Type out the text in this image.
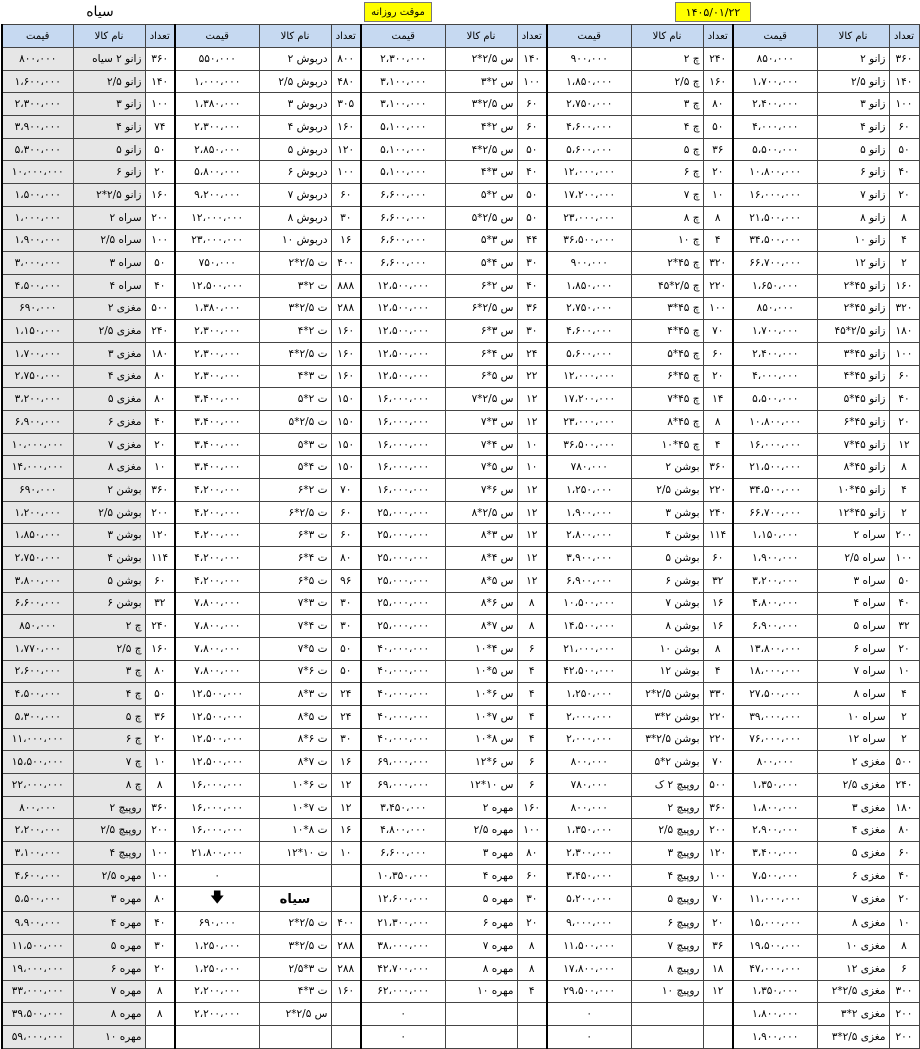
۱۴۰۵/۰۱/۲۲
موقت روزانه
سیاه
تعداد	نام کالا	قیمت	تعداد	نام کالا	قیمت	تعداد	نام کالا	قیمت	تعداد	نام کالا	قیمت	تعداد	نام کالا	قیمت
۳۶۰	زانو ۲	۸۵۰،۰۰۰	۲۴۰	چ ۲	۹۰۰،۰۰۰	۱۴۰	س ۲/۵*۲	۲،۳۰۰،۰۰۰	۸۰۰	دربوش ۲	۵۵۰،۰۰۰	۳۶۰	زانو ۲ سیاه	۸۰۰،۰۰۰
۱۴۰	زانو ۲/۵	۱،۷۰۰،۰۰۰	۱۶۰	چ ۲/۵	۱،۸۵۰،۰۰۰	۱۰۰	س ۲*۳	۳،۱۰۰،۰۰۰	۴۸۰	دربوش ۲/۵	۱،۰۰۰،۰۰۰	۱۴۰	زانو ۲/۵	۱،۶۰۰،۰۰۰
۱۰۰	زانو ۳	۲،۴۰۰،۰۰۰	۸۰	چ ۳	۲،۷۵۰،۰۰۰	۶۰	س ۲/۵*۳	۳،۱۰۰،۰۰۰	۳۰۵	دربوش ۳	۱،۳۸۰،۰۰۰	۱۰۰	زانو ۳	۲،۳۰۰،۰۰۰
۶۰	زانو ۴	۴،۰۰۰،۰۰۰	۵۰	چ ۴	۴،۶۰۰،۰۰۰	۶۰	س ۲*۴	۵،۱۰۰،۰۰۰	۱۶۰	دربوش ۴	۲،۳۰۰،۰۰۰	۷۴	زانو ۴	۳،۹۰۰،۰۰۰
۵۰	زانو ۵	۵،۵۰۰،۰۰۰	۳۶	چ ۵	۵،۶۰۰،۰۰۰	۵۰	س ۲/۵*۴	۵،۱۰۰،۰۰۰	۱۲۰	دربوش ۵	۲،۸۵۰،۰۰۰	۵۰	زانو ۵	۵،۳۰۰،۰۰۰
۴۰	زانو ۶	۱۰،۸۰۰،۰۰۰	۲۰	چ ۶	۱۲،۰۰۰،۰۰۰	۴۰	س ۳*۴	۵،۱۰۰،۰۰۰	۱۰۰	دربوش ۶	۵،۸۰۰،۰۰۰	۲۰	زانو ۶	۱۰،۰۰۰،۰۰۰
۲۰	زانو ۷	۱۶،۰۰۰،۰۰۰	۱۰	چ ۷	۱۷،۲۰۰،۰۰۰	۵۰	س ۲*۵	۶،۶۰۰،۰۰۰	۶۰	دربوش ۷	۹،۲۰۰،۰۰۰	۱۶۰	زانو ۲/۵*۲	۱،۵۰۰،۰۰۰
۸	زانو ۸	۲۱،۵۰۰،۰۰۰	۸	چ ۸	۲۳،۰۰۰،۰۰۰	۵۰	س ۲/۵*۵	۶،۶۰۰،۰۰۰	۳۰	دربوش ۸	۱۲،۰۰۰،۰۰۰	۲۰۰	سراه ۲	۱،۰۰۰،۰۰۰
۴	زانو ۱۰	۳۴،۵۰۰،۰۰۰	۴	چ ۱۰	۳۶،۵۰۰،۰۰۰	۴۴	س ۳*۵	۶،۶۰۰،۰۰۰	۱۶	دربوش ۱۰	۲۳،۰۰۰،۰۰۰	۱۰۰	سراه ۲/۵	۱،۹۰۰،۰۰۰
۲	زانو ۱۲	۶۶،۷۰۰،۰۰۰	۳۲۰	چ ۴۵*۲	۹۰۰،۰۰۰	۳۰	س ۴*۵	۶،۶۰۰،۰۰۰	۴۰۰	ت ۲/۵*۲	۷۵۰،۰۰۰	۵۰	سراه ۳	۳،۰۰۰،۰۰۰
۱۶۰	زانو ۴۵*۲	۱،۶۵۰،۰۰۰	۲۲۰	چ ۲/۵*۴۵	۱،۸۵۰،۰۰۰	۴۰	س ۲*۶	۱۲،۵۰۰،۰۰۰	۸۸۸	ت ۲*۳	۱۲،۵۰۰،۰۰۰	۴۰	سراه ۴	۴،۵۰۰،۰۰۰
۳۲۰	زانو ۴۵*۲	۸۵۰،۰۰۰	۱۰۰	چ ۴۵*۳	۲،۷۵۰،۰۰۰	۳۶	س ۲/۵*۶	۱۲،۵۰۰،۰۰۰	۲۸۸	ت ۲/۵*۳	۱،۳۸۰،۰۰۰	۵۰۰	مغزی ۲	۶۹۰،۰۰۰
۱۸۰	زانو ۲/۵*۴۵	۱،۷۰۰،۰۰۰	۷۰	چ ۴۵*۴	۴،۶۰۰،۰۰۰	۳۰	س ۳*۶	۱۲،۵۰۰،۰۰۰	۱۶۰	ت ۲*۴	۲،۳۰۰،۰۰۰	۲۴۰	مغزی ۲/۵	۱،۱۵۰،۰۰۰
۱۰۰	زانو ۴۵*۳	۲،۴۰۰،۰۰۰	۶۰	چ ۴۵*۵	۵،۶۰۰،۰۰۰	۲۴	س ۴*۶	۱۲،۵۰۰،۰۰۰	۱۶۰	ت ۲/۵*۴	۲،۳۰۰،۰۰۰	۱۸۰	مغزی ۳	۱،۷۰۰،۰۰۰
۶۰	زانو ۴۵*۴	۴،۰۰۰،۰۰۰	۲۰	چ ۴۵*۶	۱۲،۰۰۰،۰۰۰	۲۲	س ۵*۶	۱۲،۵۰۰،۰۰۰	۱۶۰	ت ۳*۴	۲،۳۰۰،۰۰۰	۸۰	مغزی ۴	۲،۷۵۰،۰۰۰
۴۰	زانو ۴۵*۵	۵،۵۰۰،۰۰۰	۱۴	چ ۴۵*۷	۱۷،۲۰۰،۰۰۰	۱۲	س ۲/۵*۷	۱۶،۰۰۰،۰۰۰	۱۵۰	ت ۲*۵	۳،۴۰۰،۰۰۰	۸۰	مغزی ۵	۳،۲۰۰،۰۰۰
۲۰	زانو ۴۵*۶	۱۰،۸۰۰،۰۰۰	۸	چ ۴۵*۸	۲۳،۰۰۰،۰۰۰	۱۲	س ۳*۷	۱۶،۰۰۰،۰۰۰	۱۵۰	ت ۲/۵*۵	۳،۴۰۰،۰۰۰	۴۰	مغزی ۶	۶،۹۰۰،۰۰۰
۱۲	زانو ۴۵*۷	۱۶،۰۰۰،۰۰۰	۴	چ ۴۵*۱۰	۳۶،۵۰۰،۰۰۰	۱۰	س ۴*۷	۱۶،۰۰۰،۰۰۰	۱۵۰	ت ۳*۵	۳،۴۰۰،۰۰۰	۲۰	مغزی ۷	۱۰،۰۰۰،۰۰۰
۸	زانو ۴۵*۸	۲۱،۵۰۰،۰۰۰	۳۶۰	بوشن ۲	۷۸۰،۰۰۰	۱۰	س ۵*۷	۱۶،۰۰۰،۰۰۰	۱۵۰	ت ۴*۵	۳،۴۰۰،۰۰۰	۱۰	مغزی ۸	۱۴،۰۰۰،۰۰۰
۴	زانو ۴۵*۱۰	۳۴،۵۰۰،۰۰۰	۲۲۰	بوشن ۲/۵	۱،۲۵۰،۰۰۰	۱۲	س ۶*۷	۱۶،۰۰۰،۰۰۰	۷۰	ت ۲*۶	۴،۲۰۰،۰۰۰	۳۶۰	بوشن ۲	۶۹۰،۰۰۰
۲	زانو ۴۵*۱۲	۶۶،۷۰۰،۰۰۰	۲۴۰	بوشن ۳	۱،۹۰۰،۰۰۰	۱۲	س ۲/۵*۸	۲۵،۰۰۰،۰۰۰	۶۰	ت ۲/۵*۶	۴،۲۰۰،۰۰۰	۲۰۰	بوشن ۲/۵	۱،۲۰۰،۰۰۰
۲۰۰	سراه ۲	۱،۱۵۰،۰۰۰	۱۱۴	بوشن ۴	۲،۸۰۰،۰۰۰	۱۲	س ۳*۸	۲۵،۰۰۰،۰۰۰	۶۰	ت ۳*۶	۴،۲۰۰،۰۰۰	۱۲۰	بوشن ۳	۱،۸۵۰،۰۰۰
۱۰۰	سراه ۲/۵	۱،۹۰۰،۰۰۰	۶۰	بوشن ۵	۳،۹۰۰،۰۰۰	۱۲	س ۴*۸	۲۵،۰۰۰،۰۰۰	۸۰	ت ۴*۶	۴،۲۰۰،۰۰۰	۱۱۴	بوشن ۴	۲،۷۵۰،۰۰۰
۵۰	سراه ۳	۳،۲۰۰،۰۰۰	۳۲	بوشن ۶	۶،۹۰۰،۰۰۰	۱۲	س ۵*۸	۲۵،۰۰۰،۰۰۰	۹۶	ت ۵*۶	۴،۲۰۰،۰۰۰	۶۰	بوشن ۵	۳،۸۰۰،۰۰۰
۴۰	سراه ۴	۴،۸۰۰،۰۰۰	۱۶	بوشن ۷	۱۰،۵۰۰،۰۰۰	۸	س ۶*۸	۲۵،۰۰۰،۰۰۰	۳۰	ت ۳*۷	۷،۸۰۰،۰۰۰	۳۲	بوشن ۶	۶،۶۰۰،۰۰۰
۳۲	سراه ۵	۶،۹۰۰،۰۰۰	۱۶	بوشن ۸	۱۴،۵۰۰،۰۰۰	۸	س ۷*۸	۲۵،۰۰۰،۰۰۰	۳۰	ت ۴*۷	۷،۸۰۰،۰۰۰	۲۴۰	چ ۲	۸۵۰،۰۰۰
۲۰	سراه ۶	۱۳،۸۰۰،۰۰۰	۸	بوشن ۱۰	۲۱،۰۰۰،۰۰۰	۶	س ۴*۱۰	۴۰،۰۰۰،۰۰۰	۵۰	ت ۵*۷	۷،۸۰۰،۰۰۰	۱۶۰	چ ۲/۵	۱،۷۷۰،۰۰۰
۱۰	سراه ۷	۱۸،۰۰۰،۰۰۰	۴	بوشن ۱۲	۴۲،۵۰۰،۰۰۰	۴	س ۵*۱۰	۴۰،۰۰۰،۰۰۰	۵۰	ت ۶*۷	۷،۸۰۰،۰۰۰	۸۰	چ ۳	۲،۶۰۰،۰۰۰
۴	سراه ۸	۲۷،۵۰۰،۰۰۰	۳۳۰	بوشن ۲/۵*۲	۱،۲۵۰،۰۰۰	۴	س ۶*۱۰	۴۰،۰۰۰،۰۰۰	۲۴	ت ۳*۸	۱۲،۵۰۰،۰۰۰	۵۰	چ ۴	۴،۵۰۰،۰۰۰
۲	سراه ۱۰	۳۹،۰۰۰،۰۰۰	۲۲۰	بوشن ۲*۳	۲،۰۰۰،۰۰۰	۴	س ۷*۱۰	۴۰،۰۰۰،۰۰۰	۲۴	ت ۵*۸	۱۲،۵۰۰،۰۰۰	۳۶	چ ۵	۵،۳۰۰،۰۰۰
۲	سراه ۱۲	۷۶،۰۰۰،۰۰۰	۲۲۰	بوشن ۲/۵*۳	۲،۰۰۰،۰۰۰	۴	س ۸*۱۰	۴۰،۰۰۰،۰۰۰	۳۰	ت ۶*۸	۱۲،۵۰۰،۰۰۰	۲۰	چ ۶	۱۱،۰۰۰،۰۰۰
۵۰۰	مغزی ۲	۸۰۰،۰۰۰	۷۰	بوشن ۲*۵	۸۰۰،۰۰۰	۶	س ۶*۱۲	۶۹،۰۰۰،۰۰۰	۱۶	ت ۷*۸	۱۲،۵۰۰،۰۰۰	۱۰	چ ۷	۱۵،۵۰۰،۰۰۰
۲۴۰	مغزی ۲/۵	۱،۳۵۰،۰۰۰	۵۰۰	روپیچ ۲ ک	۷۸۰،۰۰۰	۶	س ۱۰*۱۲	۶۹،۰۰۰،۰۰۰	۱۲	ت ۶*۱۰	۱۶،۰۰۰،۰۰۰	۸	چ ۸	۲۲،۰۰۰،۰۰۰
۱۸۰	مغزی ۳	۱،۸۰۰،۰۰۰	۳۶۰	روپیچ ۲	۸۰۰،۰۰۰	۱۶۰	مهره ۲	۳،۴۵۰،۰۰۰	۱۲	ت ۷*۱۰	۱۶،۰۰۰،۰۰۰	۳۶۰	روپیچ ۲	۸۰۰،۰۰۰
۸۰	مغزی ۴	۲،۹۰۰،۰۰۰	۲۰۰	روپیچ ۲/۵	۱،۳۵۰،۰۰۰	۱۰۰	مهره ۲/۵	۴،۸۰۰،۰۰۰	۱۶	ت ۸*۱۰	۱۶،۰۰۰،۰۰۰	۲۰۰	روپیچ ۲/۵	۲،۲۰۰،۰۰۰
۶۰	مغزی ۵	۳،۴۰۰،۰۰۰	۱۲۰	روپیچ ۳	۲،۳۰۰،۰۰۰	۸۰	مهره ۳	۶،۶۰۰،۰۰۰	۱۰	ت ۱۰*۱۲	۲۱،۸۰۰،۰۰۰	۱۰۰	روپیچ ۴	۳،۱۰۰،۰۰۰
۴۰	مغزی ۶	۷،۵۰۰،۰۰۰	۱۰۰	روپیچ ۴	۳،۴۵۰،۰۰۰	۶۰	مهره ۴	۱۰،۳۵۰،۰۰۰			۰	۱۰۰	مهره ۲/۵	۴،۶۰۰،۰۰۰
۲۰	مغزی ۷	۱۱،۰۰۰،۰۰۰	۷۰	روپیچ ۵	۵،۲۰۰،۰۰۰	۳۰	مهره ۵	۱۲،۶۰۰،۰۰۰		سیاه	🡇	۸۰	مهره ۳	۵،۵۰۰،۰۰۰
۱۰	مغزی ۸	۱۵،۰۰۰،۰۰۰	۲۰	روپیچ ۶	۹،۰۰۰،۰۰۰	۲۰	مهره ۶	۲۱،۳۰۰،۰۰۰	۴۰۰	ت ۲/۵*۲	۶۹۰،۰۰۰	۴۰	مهره ۴	۹،۹۰۰،۰۰۰
۸	مغزی ۱۰	۱۹،۵۰۰،۰۰۰	۳۶	روپیچ ۷	۱۱،۵۰۰،۰۰۰	۸	مهره ۷	۳۸،۰۰۰،۰۰۰	۲۸۸	ت ۲/۵*۳	۱،۲۵۰،۰۰۰	۳۰	مهره ۵	۱۱،۵۰۰،۰۰۰
۶	مغزی ۱۲	۴۷،۰۰۰،۰۰۰	۱۸	روپیچ ۸	۱۷،۸۰۰،۰۰۰	۸	مهره ۸	۴۲،۷۰۰،۰۰۰	۲۸۸	ت ۳*۲/۵	۱،۲۵۰،۰۰۰	۲۰	مهره ۶	۱۹،۰۰۰،۰۰۰
۳۰۰	مغزی ۲/۵*۲	۱،۳۵۰،۰۰۰	۱۲	روپیچ ۱۰	۲۹،۵۰۰،۰۰۰	۴	مهره ۱۰	۶۲،۰۰۰،۰۰۰	۱۶۰	ت ۳*۴	۲،۲۰۰،۰۰۰	۸	مهره ۷	۳۳،۰۰۰،۰۰۰
۲۰۰	مغزی ۲*۳	۱،۸۰۰،۰۰۰			۰			۰		س ۲/۵*۲	۲،۲۰۰،۰۰۰	۸	مهره ۸	۳۹،۵۰۰،۰۰۰
۲۰۰	مغزی ۲/۵*۳	۱،۹۰۰،۰۰۰			۰			۰					مهره ۱۰	۵۹،۰۰۰،۰۰۰
